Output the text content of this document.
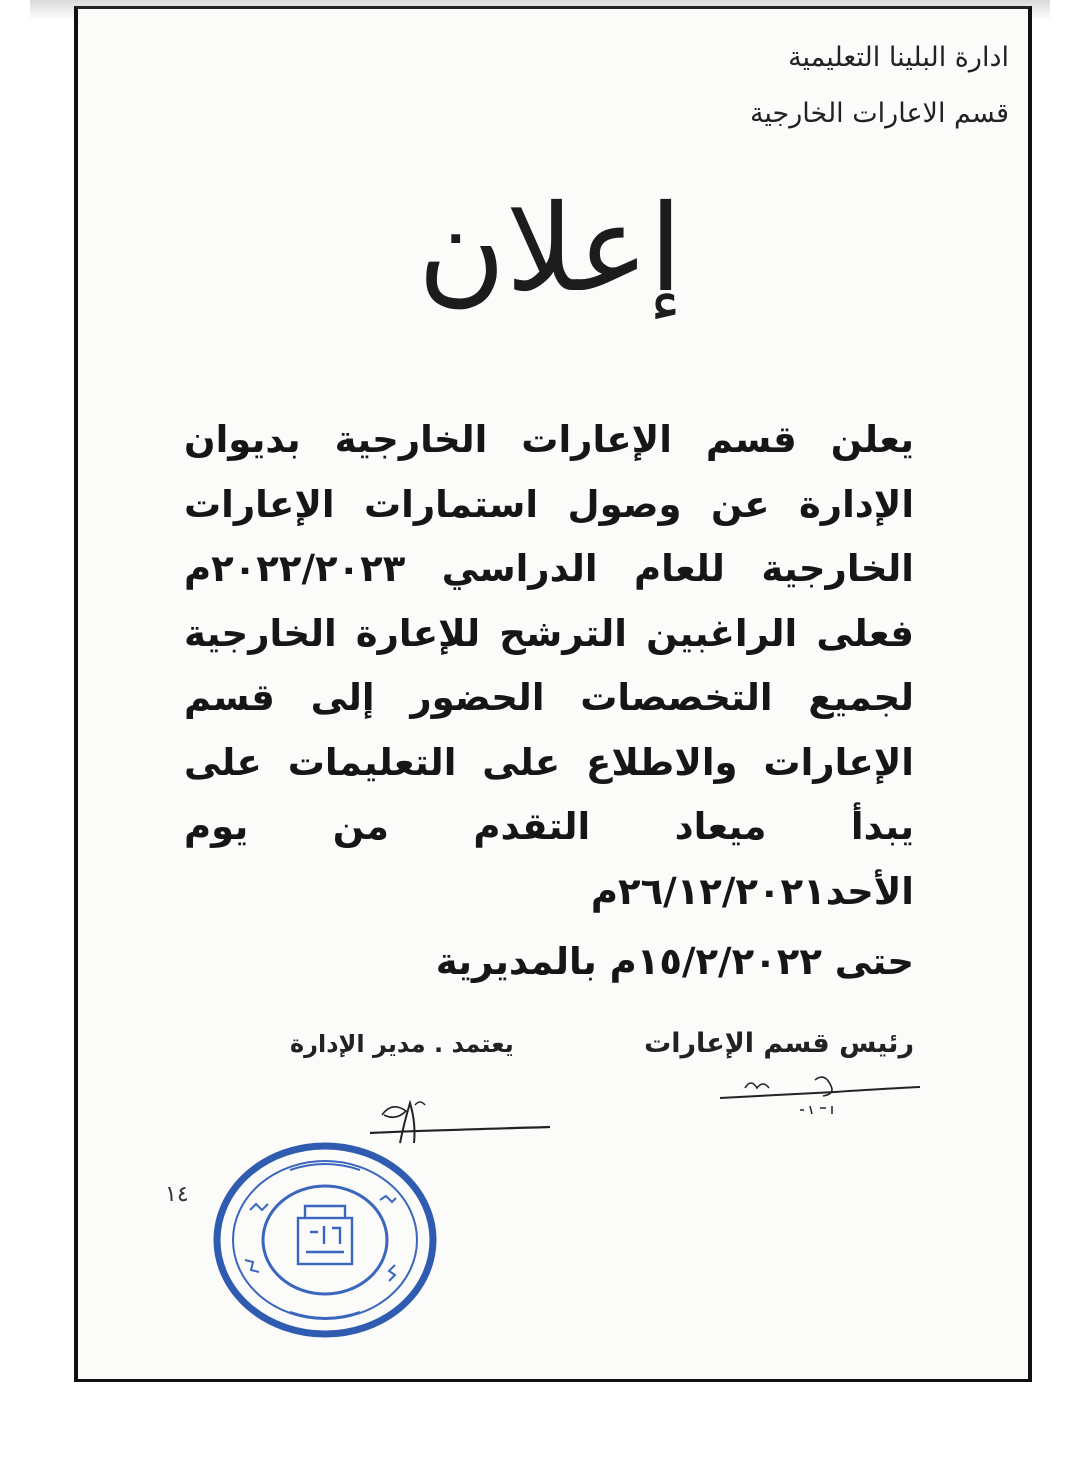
ادارة البلينا التعليمية
قسم الاعارات الخارجية
إعلان
يعلن قسم الإعارات الخارجية بديوان
الإدارة عن وصول استمارات الإعارات
الخارجية للعام الدراسي ٢٠٢٢/٢٠٢٣م
فعلى الراغبين الترشح للإعارة الخارجية
لجميع التخصصات الحضور إلى قسم
الإعارات والاطلاع على التعليمات على
يبدأ ميعاد التقدم من يوم
الأحد٢٦/١٢/٢٠٢١م
حتى ١٥/٢/٢٠٢٢م بالمديرية
رئيس قسم الإعارات
يعتمد . مدير الإدارة
١٤
